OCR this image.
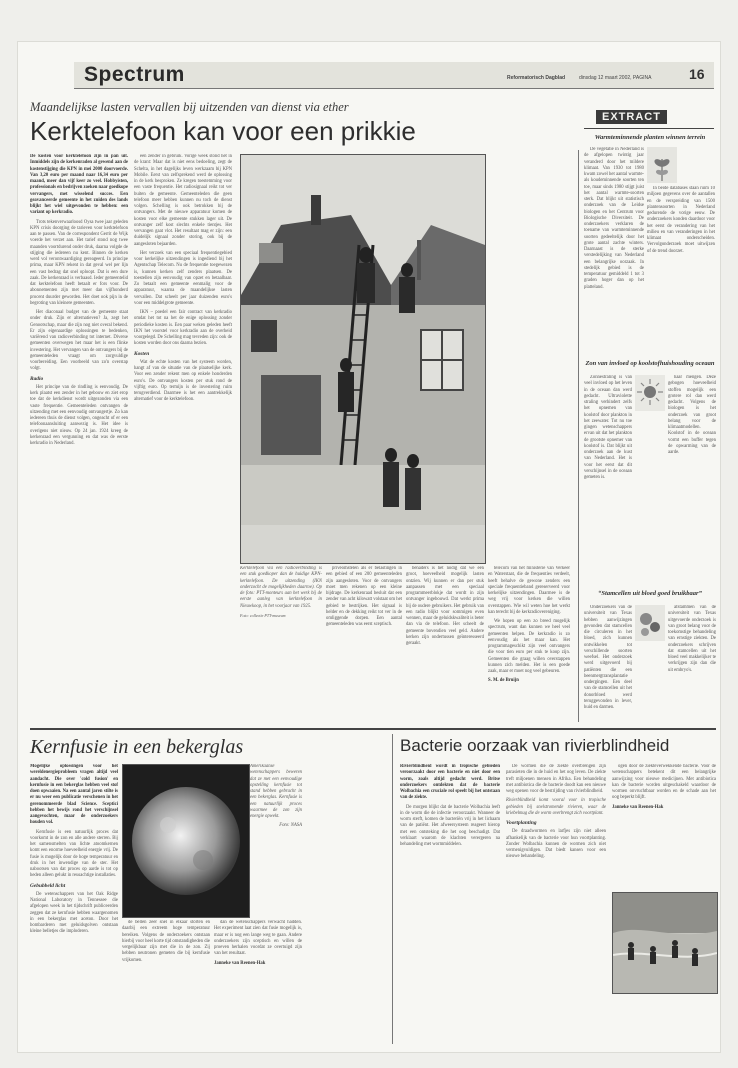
Spectrum	Reformatorisch Dagblad	dinsdag 12 maart 2002, PAGINA	16
Maandelijkse lasten vervallen bij uitzenden van dienst via ether
Kerktelefoon kan voor een prikkie

De kosten voor kerktelefoon zijn in pan uit. Inmiddels zijn de kerkenraden al gewend aan de kostenstijging die KPN in mei 2000 doorvoerde. Van 3,20 euro per maand naar 16,34 euro per maand, meer dan vijf keer zo veel. Hobbyisten, professionals en bedrijven zoeken naar goedkope vervangers, met wisselend succes. Een geavanceerde gemeente in het zuiden des lands blijkt het wiel uitgevonden te hebben: een variant op kerkradio.

Trots tekenverwaarloosd Oysa twee jaar geleden KPN crisis doorging de tarieven voor kerktelefoon aan te passen. Van de correspondent Gerrit de Wijk voerde het verzet aan. Het tarief stond nog twee maanden voortdurend onder druk, daarna volgde de stijging die iedereen nu kent. Binnen de kerken werd vol verontwaardiging gereageerd. In principe prima, maar KPN rekent in dat geval wel per lijn een vast bedrag dat snel oploopt. Dat is een dure zaak. De kerkenraad is verbaasd. Ieder gemeentelid dat kerktelefoon heeft betaalt er fors voor. De abonnementen zijn met meer dan vijfhonderd procent duurder geworden. Het doet ook pijn in de begroting van kleinere gemeenten.

Het diaconaal budget van de gemeente staat onder druk. Zijn er alternatieven? Ja, zegt het Genootschap, maar die zijn nog niet overal bekend. Er zijn eigenaardige oplossingen te bedenken, variërend van radioverbinding tot internet. Diverse gemeenten overwegen het maar het is een flinke investering. Het vervangen van de ontvangers bij de gemeenteleden vraagt om zorgvuldige voorbereiding. Een voorbeeld van zo'n overstap volgt.

Radio

Het principe van de rindling is eenvoudig. De kerk plaatst een zender in het gebouw en ziet erop toe dat de kerkdienst wordt uitgezonden via een vaste frequentie. Gemeenteleden ontvangen de uitzending met een eenvoudig ontvangertje. Zo kan iedereen thuis de dienst volgen, ongeacht of er een telefoonaansluiting aanwezig is. Het idee is overigens niet nieuw. Op 24 jan. 1924 kreeg de kerkenraad een vergunning en dat was de eerste kerkradio in Nederland.

een zender in gebruik. Vorige week stond het in de krant: Maar dat is niet eens bedoeling, zegt de Schelta, in het dagelijks leven werkzaam bij KPN Mobile. Eerst van zelfsprekend werd de oplossing in de kerk besproken. Ze kregen toestemming voor een vaste frequentie. Het radiosignaal reikt tot ver buiten de gemeente. Gemeenteleden die geen telefoon meer hebben kunnen nu toch de dienst volgen. Schelling is ook betrokken bij de ontvangers. Met de nieuwe apparatuur komen de kosten voor elke gemeente stukken lager uit. De ontvanger zelf kost slechts enkele tientjes. Het vervangen gaat vlot. Het resultaat mag er zijn: een duidelijk signaal zonder storing, ook bij de aangesloten bejaarden.

Het verzoek van een speciaal frequentiegebied voor kerkelijke uitzendingen is ingediend bij het Agentschap Telecom. Nu de frequentie toegewezen is, kunnen kerken zelf zenders plaatsen. De toestellen zijn eenvoudig van opzet en betaalbaar. Zo betaalt een gemeente eenmalig voor de apparatuur, waarna de maandelijkse lasten vervallen. Dat scheelt per jaar duizenden euro's voor een middelgrote gemeente.

IKN – poedel een fair contract van kerkradio omdat het tot na het de enige oplossing zonder periodieke kosten is. Een paar weken geleden heeft IKN het voorstel voor kerkradio aan de overheid voorgelegd. De Schelling mag tevreden zijn: ook de kosten worden door ons daarna bezien.

Kosten

Wat de echte kosten van het systeem worden, hangt af van de situatie van de plaatselijke kerk. Voor een zender rekent men op enkele honderden euro's. De ontvangers kosten per stuk rond de vijftig euro. Op termijn is de investering ruim terugverdiend. Daarmee is het een aantrekkelijk alternatief voor de kerktelefoon.

Kerktelefoon via een radioverbinding is een stuk goedkoper dan de huidige KPN-kerktelefoon. De uitzending (IKN onderzocht de mogelijkheden daartoe). Op de foto: PTT-monteurs aan het werk bij de eerste aanleg van kerktelefoon in Nieuwkoop, in het voorjaar van 1925.

Foto: collectie PTT-museum

privéomstelen als er belastingen in een gebied of een 200 gemeenteleden zijn aangesloten. Voor de ontvangers moet men rekenen op een kleine bijdrage. De kerkenraad besluit dat een zender van acht kilowatt volstaat om het gebied te bestrijken. Het signaal is helder en de dekking reikt tot ver in de omliggende dorpen. Een aantal gemeenteleden was eerst sceptisch.

benaders is het nodig dat we een groot, hoeveelheid mogelijk lasten ontzien. Wij kunnen er dan per stuk aanpassen met een speciaal programmeerblokje dat wordt in zijn ontvanger ingebouwd. Dat werkt prima bij de oudere gebruikers. Het gebruik van een radio blijkt voor sommigen even wennen, maar de geluidskwaliteit is beter dan via de telefoon. Het scheelt de gemeente bovendien veel geld. Andere kerken zijn ondertussen geïnteresseerd geraakt.

telecom van het ministerie van Verkeer en Waterstaat, die de frequenties verdeelt, heeft behalve de gewone zenders een speciale frequentieband gereserveerd voor kerkelijke uitzendingen. Daarmee is de weg vrij voor kerken die willen overstappen. Wie wil weten hoe het werkt kan terecht bij de kerkradiovereniging.

We hopen op een zo breed mogelijk spectrum, want dan kunnen we heel veel gemeenten helpen. De kerkradio is zo eenvoudig als het maar kan. Het programmageschikt zijn veel ontvangers die voor tien euro per stuk te koop zijn. Gemeenten die graag willen overstappen kunnen zich melden. Het is een goede zaak, maar er moet nog veel gebeuren.

S. M. de Bruijn

EXTRACT
Warmteminnende planten winnen terrein

De vegetatie in Nederland is de afgelopen twintig jaar veranderd door het mildere klimaat. Van 1930 tot 1980 kwam zowel het aantal warmte- als koudeminnende soorten ten toe, maar sinds 1980 stijgt juist het aantal warmte-soorten sterk. Dat blijkt uit statistisch onderzoek van de Leidse biologen en het Centrum voor Biologische Diversiteit. De onderzoekers verklaren de toename van warmteminnende soorten gedeeltelijk door het grote aantal zachte winters. Daarnaast is de sterke verstedelijking van Nederland een belangrijke oorzaak. In stedelijk gebied is de temperatuur gemiddeld 1 tot 3 graden hoger dan op het platteland.

In beide databases staan ruim 10 miljoen gegevens over de aantallen en de verspreiding van 1500 plantensoorten in Nederland gedurende de vorige eeuw. De onderzoekers konden daardoor voor het eerst de verandering van het milieu en van veranderingen in het klimaat onderscheiden. Vervolgonderzoek moet uitwijzen of de trend doorzet.

Zon van invloed op koolstofhuishouding oceaan

Zonnestraling is van veel invloed op het leven in de oceaan dan werd gedacht. Ultraviolette straling verhindert zelfs het opnemen van koolstof door plankton in het zeewater. Tot nu toe gingen wetenschappers ervan uit dat het plankton de grootste opnemer van koolstof is. Dat blijkt uit onderzoek aan de kust van Nederland. Het is voor het eerst dat dit verschijnsel in de oceaan gemeten is.

haar mengen. Deze gebogen hoeveelheid stoffen mogelijk een grotere rol dan werd gedacht. Volgens de biologen is het onderzoek van groot belang voor de klimaatmodellen. Koolstof in de oceaan vormt een buffer tegen de opwarming van de aarde.

“Stamcellen uit bloed goed bruikbaar”

Onderzoekers van de universiteit van Texas hebben aanwijzingen gevonden dat stamcellen die circuleren in het bloed, zich kunnen ontwikkelen tot verschillende soorten weefsel. Het onderzoek werd uitgevoerd bij patiënten die een beenmergtransplantatie ondergingen. Een deel van de stamcellen uit het donorbloed werd teruggevonden in lever, huid en darmen.

afstammen van de universiteit van Texas uitgevoerde onderzoek is van groot belang voor de toekomstige behandeling van ernstige ziekten. De onderzoekers schrijven dat stamcellen uit het bloed veel makkelijker te verkrijgen zijn dan die uit embryo's.

Kernfusie in een bekerglas

Mogelijke oplossingen voor het wereldenergieprobleem vragen altijd veel aandacht. Die over 'cold fusion' en kernfusie in een bekerglas hebben veel stof doen opwaaien. Na een aantal jaren stilte is er nu weer een publicatie verschenen in het gerenommeerde blad Science. Sceptici hebben het bewijs rond het verschijnsel aangevochten, maar de onderzoekers houden vol.

Kernfusie is een natuurlijk proces dat voorkomt in de zon en alle andere sterren. Bij het samensmelten van lichte atoomkernen komt een enorme hoeveelheid energie vrij. De fusie is mogelijk door de hoge temperatuur en druk in het inwendige van de ster. Het nabootsen van dat proces op aarde is tot op heden alleen gelukt in reusachtige installaties.

Gebubbeld licht

De wetenschappers van het Oak Ridge National Laboratory in Tennessee die afgelopen week in het tijdschrift publiceerden zeggen dat ze kernfusie hebben waargenomen in een bekerglas met aceton. Door het bombarderen met geluidsgolven ontstaan kleine belletjes die imploderen.

Amerikaanse wetenschappers beweren dat ze met een eenvoudige opstelling kernfusie tot stand hebben gebracht in een bekerglas. Kernfusie is een natuurlijk proces waarmee de zon zijn energie opwekt.

Foto: NASA

de bellen zeer snel in elkaar storten en daarbij een extreem hoge temperatuur bereiken. Volgens de onderzoekers ontstaan hierbij voor heel korte tijd omstandigheden die vergelijkbaar zijn met die in de zon. Zij hebben neutronen gemeten die bij kernfusie vrijkomen.

dan de wetenschappers verwacht hadden. Het experiment laat zien dat fusie mogelijk is, maar er is nog een lange weg te gaan. Andere onderzoekers zijn sceptisch en willen de proeven herhalen voordat ze overtuigd zijn van het resultaat.

Janneke van Reenen-Hak

Bacterie oorzaak van rivierblindheid

Rivierblindheid wordt in tropische gebieden veroorzaakt door een bacterie en niet door een worm, zoals altijd gedacht werd. Britse onderzoekers ontdekten dat de bacterie Wolbachia een cruciale rol speelt bij het ontstaan van de ziekte.

De morgen blijkt dat de bacterie Wolbachia leeft in de worm die de infectie veroorzaakt. Wanneer de worm sterft, komen de bacteriën vrij in het lichaam van de patiënt. Het afweersysteem reageert hierop met een ontsteking die het oog beschadigt. Dat verklaart waarom de klachten verergeren na behandeling met wormmiddelen.

De wormen die de ziekte overbrengen zijn parasieten die in de huid en het oog leven. De ziekte treft miljoenen mensen in Afrika. Een behandeling met antibiotica die de bacterie doodt kan een nieuwe weg openen voor de bestrijding van rivierblindheid.

Rivierblindheid komt vooral voor in tropische gebieden bij snelstromende rivieren, waar de kriebelmug die de worm overbrengt zich voortplant.

Voortplanting

De draadwormen en larfjes zijn niet alleen afhankelijk van de bacterie voor hun voortplanting. Zonder Wolbachia kunnen de wormen zich niet vermenigvuldigen. Dat biedt kansen voor een nieuwe behandeling.

ogen door de ziekteverwekkende bacterie. Voor de wetenschappers betekent dit een belangrijke aanwijzing voor nieuwe medicijnen. Met antibiotica kan de bacterie worden uitgeschakeld waardoor de wormen onvruchtbaar worden en de schade aan het oog beperkt blijft.

Janneke van Reenen-Hak
